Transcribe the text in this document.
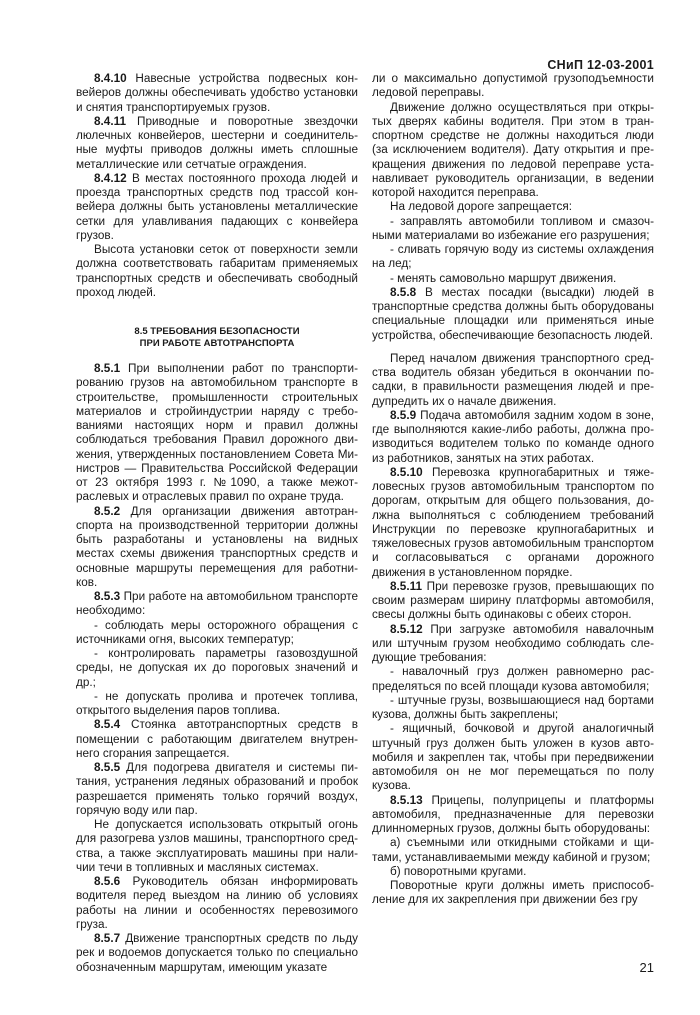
СНиП 12-03-2001

8.4.10 Навесные устройства подвесных конвейеров должны обеспечивать удобство установки и снятия транспортируемых грузов.

8.4.11 Приводные и поворотные звездочки люлечных конвейеров, шестерни и соединительные муфты приводов должны иметь сплошные металлические или сетчатые ограждения.

8.4.12 В местах постоянного прохода людей и проезда транспортных средств под трассой конвейера должны быть установлены металлические сетки для улавливания падающих с конвейера грузов.

Высота установки сеток от поверхности земли должна соответствовать габаритам применяемых транспортных средств и обеспечивать свободный проход людей.

8.5 ТРЕБОВАНИЯ БЕЗОПАСНОСТИ
ПРИ РАБОТЕ АВТОТРАНСПОРТА

8.5.1 При выполнении работ по транспортированию грузов на автомобильном транспорте в строительстве, промышленности строительных материалов и стройиндустрии наряду с требованиями настоящих норм и правил должны соблюдаться требования Правил дорожного движения, утвержденных постановлением Совета Министров — Правительства Российской Федерации от 23 октября 1993 г. №1090, а также межотраслевых и отраслевых правил по охране труда.

8.5.2 Для организации движения автотранспорта на производственной территории должны быть разработаны и установлены на видных местах схемы движения транспортных средств и основные маршруты перемещения для работников.

8.5.3 При работе на автомобильном транспорте необходимо:

- соблюдать меры осторожного обращения с источниками огня, высоких температур;

- контролировать параметры газовоздушной среды, не допуская их до пороговых значений и др.;

- не допускать пролива и протечек топлива, открытого выделения паров топлива.

8.5.4 Стоянка автотранспортных средств в помещении с работающим двигателем внутреннего сгорания запрещается.

8.5.5 Для подогрева двигателя и системы питания, устранения ледяных образований и пробок разрешается применять только горячий воздух, горячую воду или пар.

Не допускается использовать открытый огонь для разогрева узлов машины, транспортного средства, а также эксплуатировать машины при наличии течи в топливных и масляных системах.

8.5.6 Руководитель обязан информировать водителя перед выездом на линию об условиях работы на линии и особенностях перевозимого груза.

8.5.7 Движение транспортных средств по льду рек и водоемов допускается только по специально обозначенным маршрутам, имеющим указате

ли о максимально допустимой грузоподъемности ледовой переправы.

Движение должно осуществляться при открытых дверях кабины водителя. При этом в транспортном средстве не должны находиться люди (за исключением водителя). Дату открытия и прекращения движения по ледовой переправе устанавливает руководитель организации, в ведении которой находится переправа.

На ледовой дороге запрещается:

- заправлять автомобили топливом и смазочными материалами во избежание его разрушения;

- сливать горячую воду из системы охлаждения на лед;

- менять самовольно маршрут движения.

8.5.8 В местах посадки (высадки) людей в транспортные средства должны быть оборудованы специальные площадки или применяться иные устройства, обеспечивающие безопасность людей.

Перед началом движения транспортного средства водитель обязан убедиться в окончании посадки, в правильности размещения людей и предупредить их о начале движения.

8.5.9 Подача автомобиля задним ходом в зоне, где выполняются какие-либо работы, должна производиться водителем только по команде одного из работников, занятых на этих работах.

8.5.10 Перевозка крупногабаритных и тяжеловесных грузов автомобильным транспортом по дорогам, открытым для общего пользования, должна выполняться с соблюдением требований Инструкции по перевозке крупногабаритных и тяжеловесных грузов автомобильным транспортом и согласовываться с органами дорожного движения в установленном порядке.

8.5.11 При перевозке грузов, превышающих по своим размерам ширину платформы автомобиля, свесы должны быть одинаковы с обеих сторон.

8.5.12 При загрузке автомобиля навалочным или штучным грузом необходимо соблюдать следующие требования:

- навалочный груз должен равномерно распределяться по всей площади кузова автомобиля;

- штучные грузы, возвышающиеся над бортами кузова, должны быть закреплены;

- ящичный, бочковой и другой аналогичный штучный груз должен быть уложен в кузов автомобиля и закреплен так, чтобы при передвижении автомобиля он не мог перемещаться по полу кузова.

8.5.13 Прицепы, полуприцепы и платформы автомобиля, предназначенные для перевозки длинномерных грузов, должны быть оборудованы:

а) съемными или откидными стойками и щитами, устанавливаемыми между кабиной и грузом;

б) поворотными кругами.

Поворотные круги должны иметь приспособление для их закрепления при движении без гру

21
